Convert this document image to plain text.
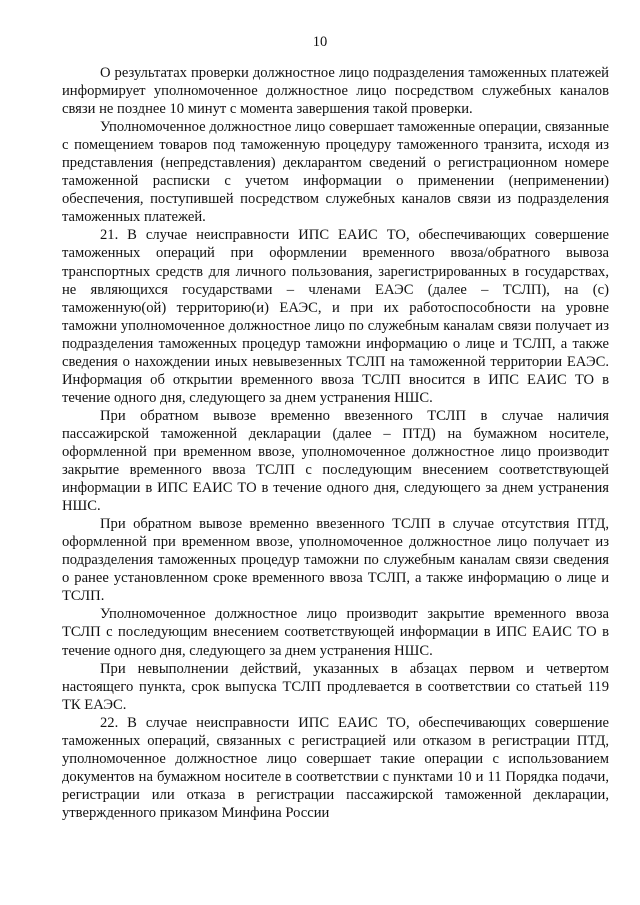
10

О результатах проверки должностное лицо подразделения таможенных платежей информирует уполномоченное должностное лицо посредством служебных каналов связи не позднее 10 минут с момента завершения такой проверки.

Уполномоченное должностное лицо совершает таможенные операции, связанные с помещением товаров под таможенную процедуру таможенного транзита, исходя из представления (непредставления) декларантом сведений о регистрационном номере таможенной расписки с учетом информации о применении (неприменении) обеспечения, поступившей посредством служебных каналов связи из подразделения таможенных платежей.

21. В случае неисправности ИПС ЕАИС ТО, обеспечивающих совершение таможенных операций при оформлении временного ввоза/обратного вывоза транспортных средств для личного пользования, зарегистрированных в государствах, не являющихся государствами – членами ЕАЭС (далее – ТСЛП), на (с) таможенную(ой) территорию(и) ЕАЭС, и при их работоспособности на уровне таможни уполномоченное должностное лицо по служебным каналам связи получает из подразделения таможенных процедур таможни информацию о лице и ТСЛП, а также сведения о нахождении иных невывезенных ТСЛП на таможенной территории ЕАЭС. Информация об открытии временного ввоза ТСЛП вносится в ИПС ЕАИС ТО в течение одного дня, следующего за днем устранения НШС.

При обратном вывозе временно ввезенного ТСЛП в случае наличия пассажирской таможенной декларации (далее – ПТД) на бумажном носителе, оформленной при временном ввозе, уполномоченное должностное лицо производит закрытие временного ввоза ТСЛП с последующим внесением соответствующей информации в ИПС ЕАИС ТО в течение одного дня, следующего за днем устранения НШС.

При обратном вывозе временно ввезенного ТСЛП в случае отсутствия ПТД, оформленной при временном ввозе, уполномоченное должностное лицо получает из подразделения таможенных процедур таможни по служебным каналам связи сведения о ранее установленном сроке временного ввоза ТСЛП, а также информацию о лице и ТСЛП.

Уполномоченное должностное лицо производит закрытие временного ввоза ТСЛП с последующим внесением соответствующей информации в ИПС ЕАИС ТО в течение одного дня, следующего за днем устранения НШС.

При невыполнении действий, указанных в абзацах первом и четвертом настоящего пункта, срок выпуска ТСЛП продлевается в соответствии со статьей 119 ТК ЕАЭС.

22. В случае неисправности ИПС ЕАИС ТО, обеспечивающих совершение таможенных операций, связанных с регистрацией или отказом в регистрации ПТД, уполномоченное должностное лицо совершает такие операции с использованием документов на бумажном носителе в соответствии с пунктами 10 и 11 Порядка подачи, регистрации или отказа в регистрации пассажирской таможенной декларации, утвержденного приказом Минфина России
